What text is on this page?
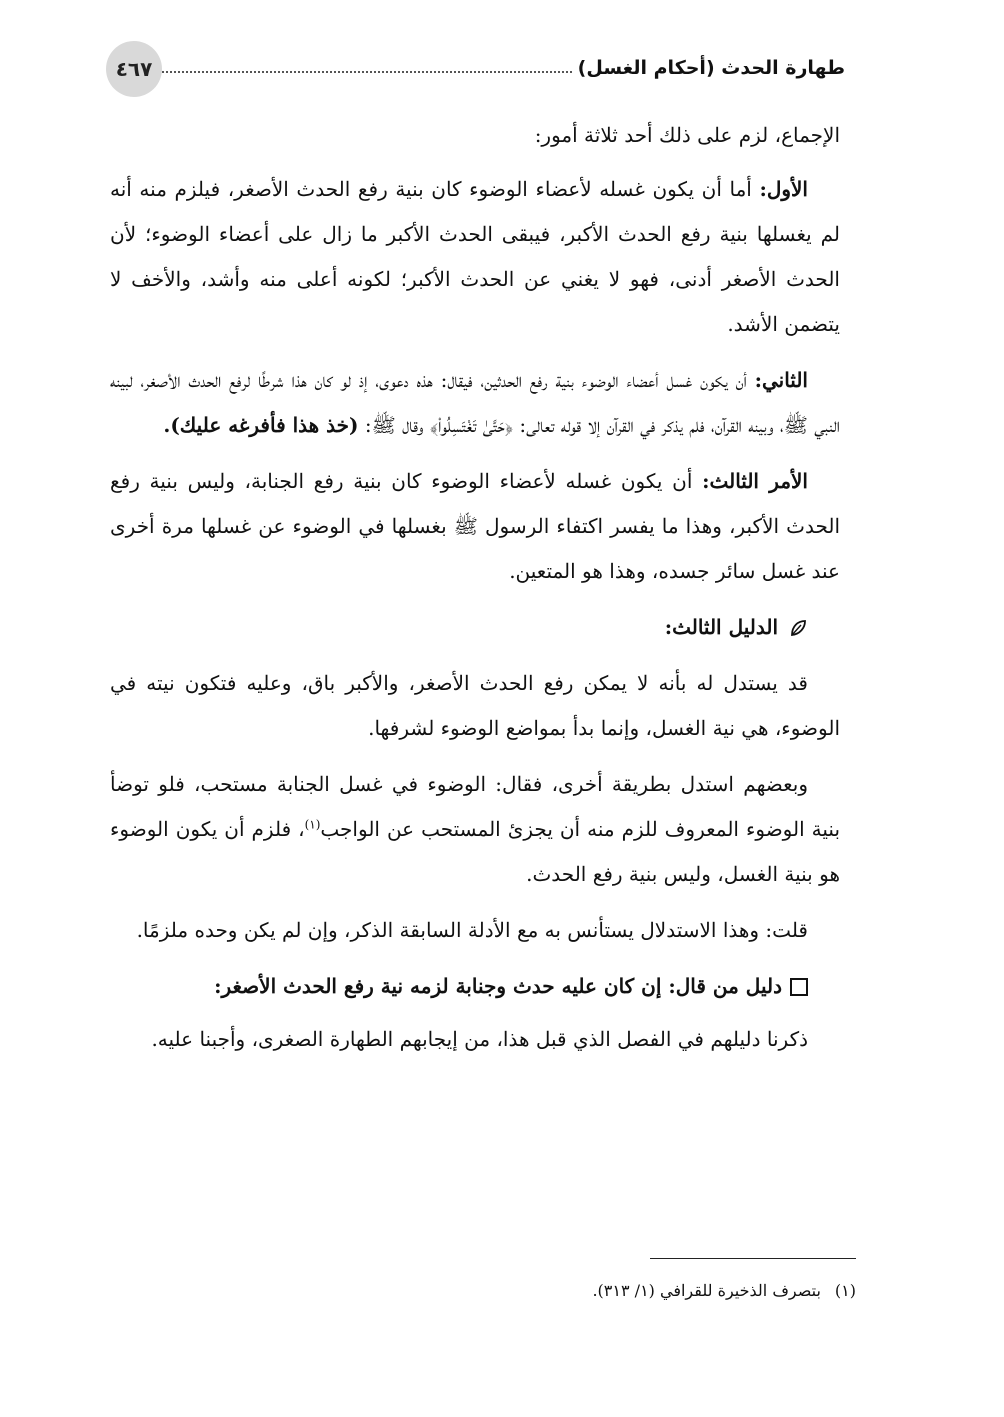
طهارة الحدث (أحكام الغسل)
٤٦٧

الإجماع، لزم على ذلك أحد ثلاثة أمور:

الأول: أما أن يكون غسله لأعضاء الوضوء كان بنية رفع الحدث الأصغر، فيلزم منه أنه لم يغسلها بنية رفع الحدث الأكبر، فيبقى الحدث الأكبر ما زال على أعضاء الوضوء؛ لأن الحدث الأصغر أدنى، فهو لا يغني عن الحدث الأكبر؛ لكونه أعلى منه وأشد، والأخف لا يتضمن الأشد.

الثاني: أن يكون غسل أعضاء الوضوء بنية رفع الحدثين، فيقال: هذه دعوى، إذ لو كان هذا شرطًا لرفع الحدث الأصغر، لبينه النبي ﷺ، وبينه القرآن، فلم يذكر في القرآن إلا قوله تعالى: ﴿حَتَّىٰ تَغْتَسِلُواْ﴾ وقال ﷺ: (خذ هذا فأفرغه عليك).

الأمر الثالث: أن يكون غسله لأعضاء الوضوء كان بنية رفع الجنابة، وليس بنية رفع الحدث الأكبر، وهذا ما يفسر اكتفاء الرسول ﷺ بغسلها في الوضوء عن غسلها مرة أخرى عند غسل سائر جسده، وهذا هو المتعين.

الدليل الثالث:

قد يستدل له بأنه لا يمكن رفع الحدث الأصغر، والأكبر باق، وعليه فتكون نيته في الوضوء، هي نية الغسل، وإنما بدأ بمواضع الوضوء لشرفها.

وبعضهم استدل بطريقة أخرى، فقال: الوضوء في غسل الجنابة مستحب، فلو توضأ بنية الوضوء المعروف للزم منه أن يجزئ المستحب عن الواجب$^{(١)}$، فلزم أن يكون الوضوء هو بنية الغسل، وليس بنية رفع الحدث.

قلت: وهذا الاستدلال يستأنس به مع الأدلة السابقة الذكر، وإن لم يكن وحده ملزمًا.

دليل من قال: إن كان عليه حدث وجنابة لزمه نية رفع الحدث الأصغر:

ذكرنا دليلهم في الفصل الذي قبل هذا، من إيجابهم الطهارة الصغرى، وأجبنا عليه.

(١)بتصرف الذخيرة للقرافي (١/ ٣١٣).
